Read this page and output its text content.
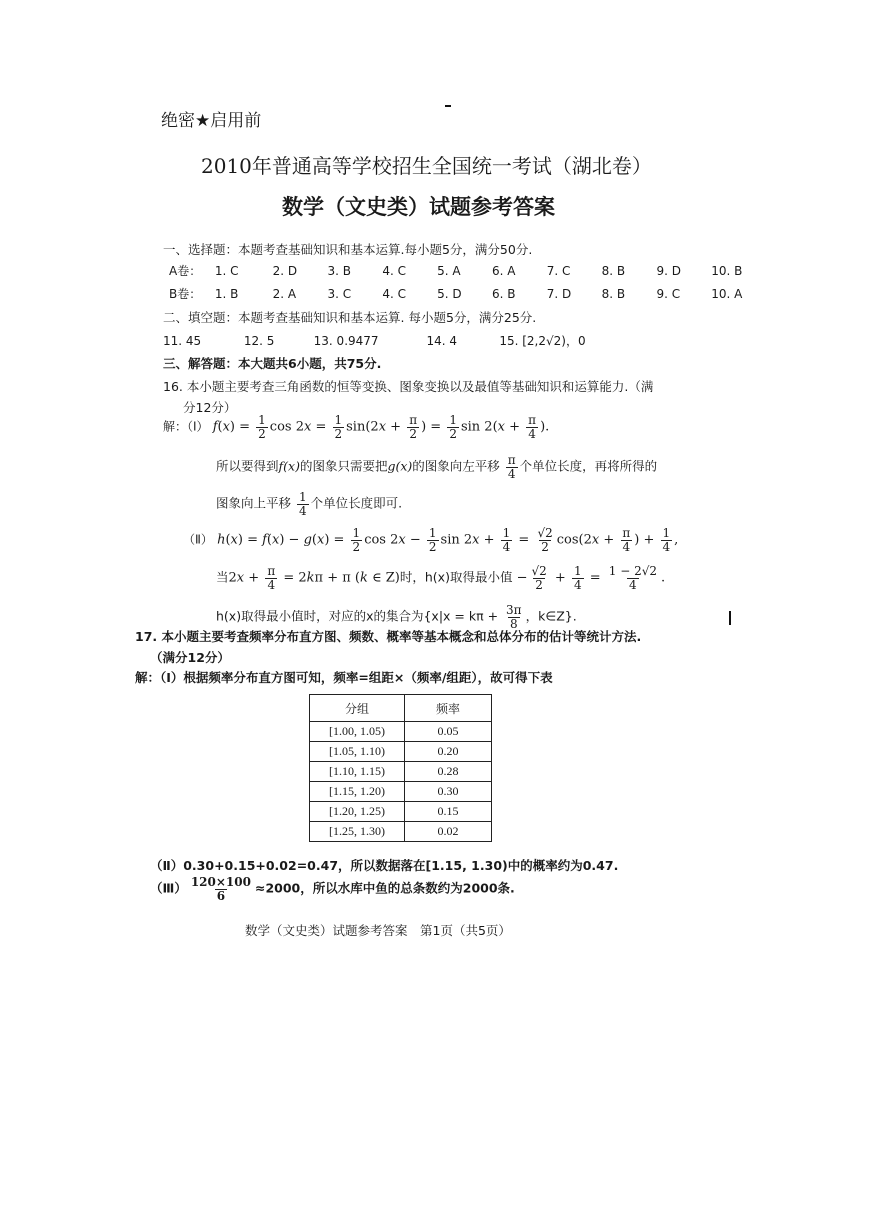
绝密★启用前
2010年普通高等学校招生全国统一考试（湖北卷）
数学（文史类）试题参考答案
一、选择题：本题考查基础知识和基本运算.每小题5分，满分50分.
A卷： 1. C	2. D	3. B	4. C	5. A	6. A	7. C	8. B	9. D	10. B
B卷： 1. B	2. A	3. C	4. C	5. D	6. B	7. D	8. B	9. C	10. A
二、填空题：本题考查基础知识和基本运算. 每小题5分，满分25分.
11. 45	12. 5	13. 0.9477	14. 4	15. [2,2√2)，0
三、解答题：本大题共6小题，共75分.
16. 本小题主要考查三角函数的恒等变换、图象变换以及最值等基础知识和运算能力.（满
分12分）
解：（Ⅰ） $f(x) = \frac{1}{2}$ $\cos 2x = \frac{1}{2} \sin(2x + \frac{\pi}{2}$ ) = $\frac{1}{2}$ $\sin 2(x + \frac{\pi}{4}$ ).
所以要得到f(x)的图象只需要把g(x)的图象向左平移 $\frac{\pi}{4}$ 个单位长度，再将所得的
图象向上平移 $\frac{1}{4}$ 个单位长度即可.
（Ⅱ） $h(x) = f(x) - g(x) = \frac{1}{2}$ $\cos 2x - \frac{1}{2}$ $\sin 2x + \frac{1}{4} = \frac{√2}{2} \cos(2x + \frac{\pi}{4}$ ) + $\frac{1}{4}$ ,
当$2x + \frac{\pi}{4} = 2k\pi + \pi$ (k ∈ Z)时，h(x)取得最小值 − $\frac{√2}{2} + \frac{1}{4} = \frac{1 - 2√2}{4}$ .
h(x)取得最小值时，对应的x的集合为{$x|x = k\pi + \frac{3\pi}{8}$ ，k∈Z}.
17. 本小题主要考查频率分布直方图、频数、概率等基本概念和总体分布的估计等统计方法.
（满分12分）
解：（Ⅰ）根据频率分布直方图可知，频率=组距×（频率/组距），故可得下表
分组	频率
[1.00, 1.05)	0.05
[1.05, 1.10)	0.20
[1.10, 1.15)	0.28
[1.15, 1.20)	0.30
[1.20, 1.25)	0.15
[1.25, 1.30)	0.02
（Ⅱ）0.30+0.15+0.02=0.47，所以数据落在[1.15, 1.30)中的概率约为0.47.
（Ⅲ） $\frac{120\times 100}{6} \approx 2000$，所以水库中鱼的总条数约为2000条.
数学（文史类）试题参考答案　第1页（共5页）
